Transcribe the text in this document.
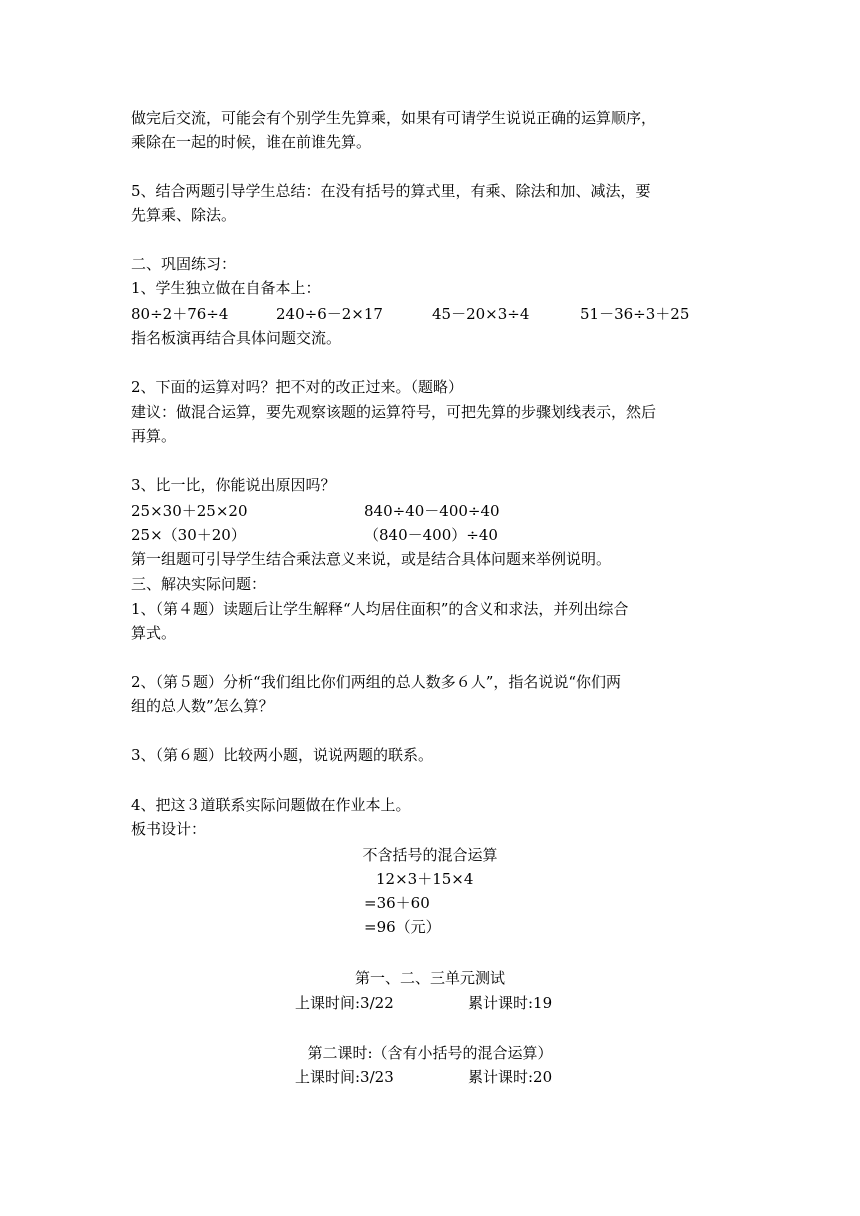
做完后交流，可能会有个别学生先算乘，如果有可请学生说说正确的运算顺序，
乘除在一起的时候，谁在前谁先算。
5、结合两题引导学生总结：在没有括号的算式里，有乘、除法和加、减法，要
先算乘、除法。
二、巩固练习：
1、学生独立做在自备本上：
80÷2＋76÷4	240÷6－2×17	45－20×3÷4	51－36÷3＋25
指名板演再结合具体问题交流。
2、下面的运算对吗？把不对的改正过来。（题略）
建议：做混合运算，要先观察该题的运算符号，可把先算的步骤划线表示，然后
再算。
3、比一比，你能说出原因吗？
25×30＋25×20	840÷40－400÷40
25×（30＋20）	（840－400）÷40
第一组题可引导学生结合乘法意义来说，或是结合具体问题来举例说明。
三、解决实际问题：
1、（第４题）读题后让学生解释“人均居住面积”的含义和求法，并列出综合
算式。
2、（第５题）分析“我们组比你们两组的总人数多６人”，指名说说“你们两
组的总人数”怎么算？
3、（第６题）比较两小题，说说两题的联系。
4、把这３道联系实际问题做在作业本上。
板书设计：
不含括号的混合运算
12×3＋15×4
=36＋60
=96（元）
第一、二、三单元测试
上课时间:3/22	累计课时:19
第二课时:（含有小括号的混合运算）
上课时间:3/23	累计课时:20
